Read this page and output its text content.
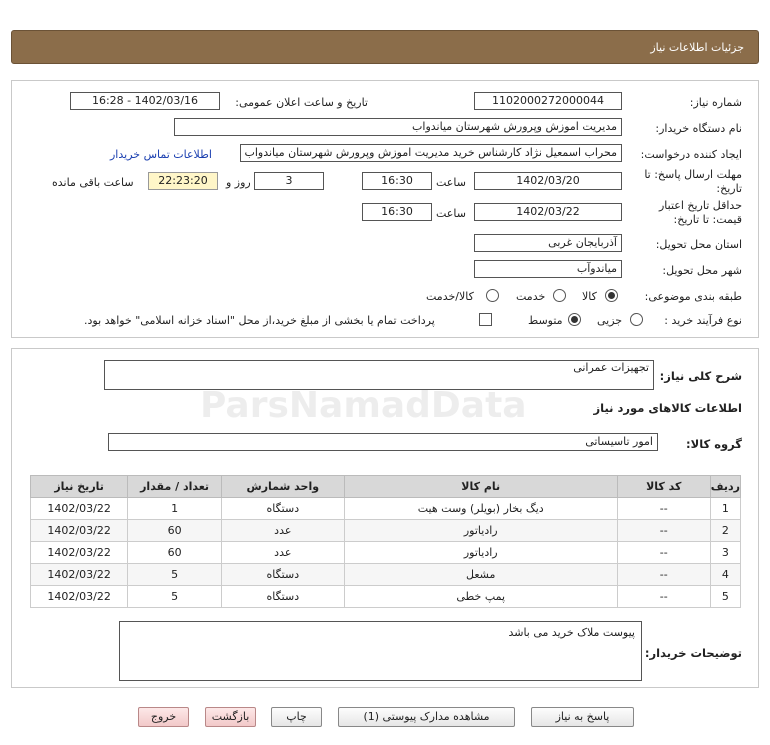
جزئیات اطلاعات نیاز
شماره نیاز:
1102000272000044
تاریخ و ساعت اعلان عمومی:
1402/03/16 - 16:28
نام دستگاه خریدار:
مدیریت اموزش وپرورش شهرستان میاندواب
ایجاد کننده درخواست:
محراب اسمعیل نژاد کارشناس خرید مدیریت اموزش وپرورش شهرستان میاندواب
اطلاعات تماس خریدار
مهلت ارسال پاسخ: تا
تاریخ:
1402/03/20
ساعت
16:30
3
روز و
22:23:20
ساعت باقی مانده
حداقل تاریخ اعتبار
قیمت: تا تاریخ:
1402/03/22
ساعت
16:30
استان محل تحویل:
آذربایجان غربی
شهر محل تحویل:
میاندوآب
طبقه بندی موضوعی:
کالا
خدمت
کالا/خدمت
نوع فرآیند خرید :
جزیی
متوسط
پرداخت تمام یا بخشی از مبلغ خرید،از محل "اسناد خزانه اسلامی" خواهد بود.
شرح کلی نیاز:
تجهیزات عمرانی
اطلاعات کالاهای مورد نیاز
گروه کالا:
امور تاسیساتی
ParsNamadData
ردیف	کد کالا	نام کالا	واحد شمارش	تعداد / مقدار	تاریخ نیاز
1	--	دیگ بخار (بویلر) وست هیت	دستگاه	1	1402/03/22
2	--	رادیاتور	عدد	60	1402/03/22
3	--	رادیاتور	عدد	60	1402/03/22
4	--	مشعل	دستگاه	5	1402/03/22
5	--	پمپ خطی	دستگاه	5	1402/03/22
توضیحات خریدار:
پیوست ملاک خرید می باشد
پاسخ به نیاز
مشاهده مدارک پیوستی (1)
چاپ
بازگشت
خروج
